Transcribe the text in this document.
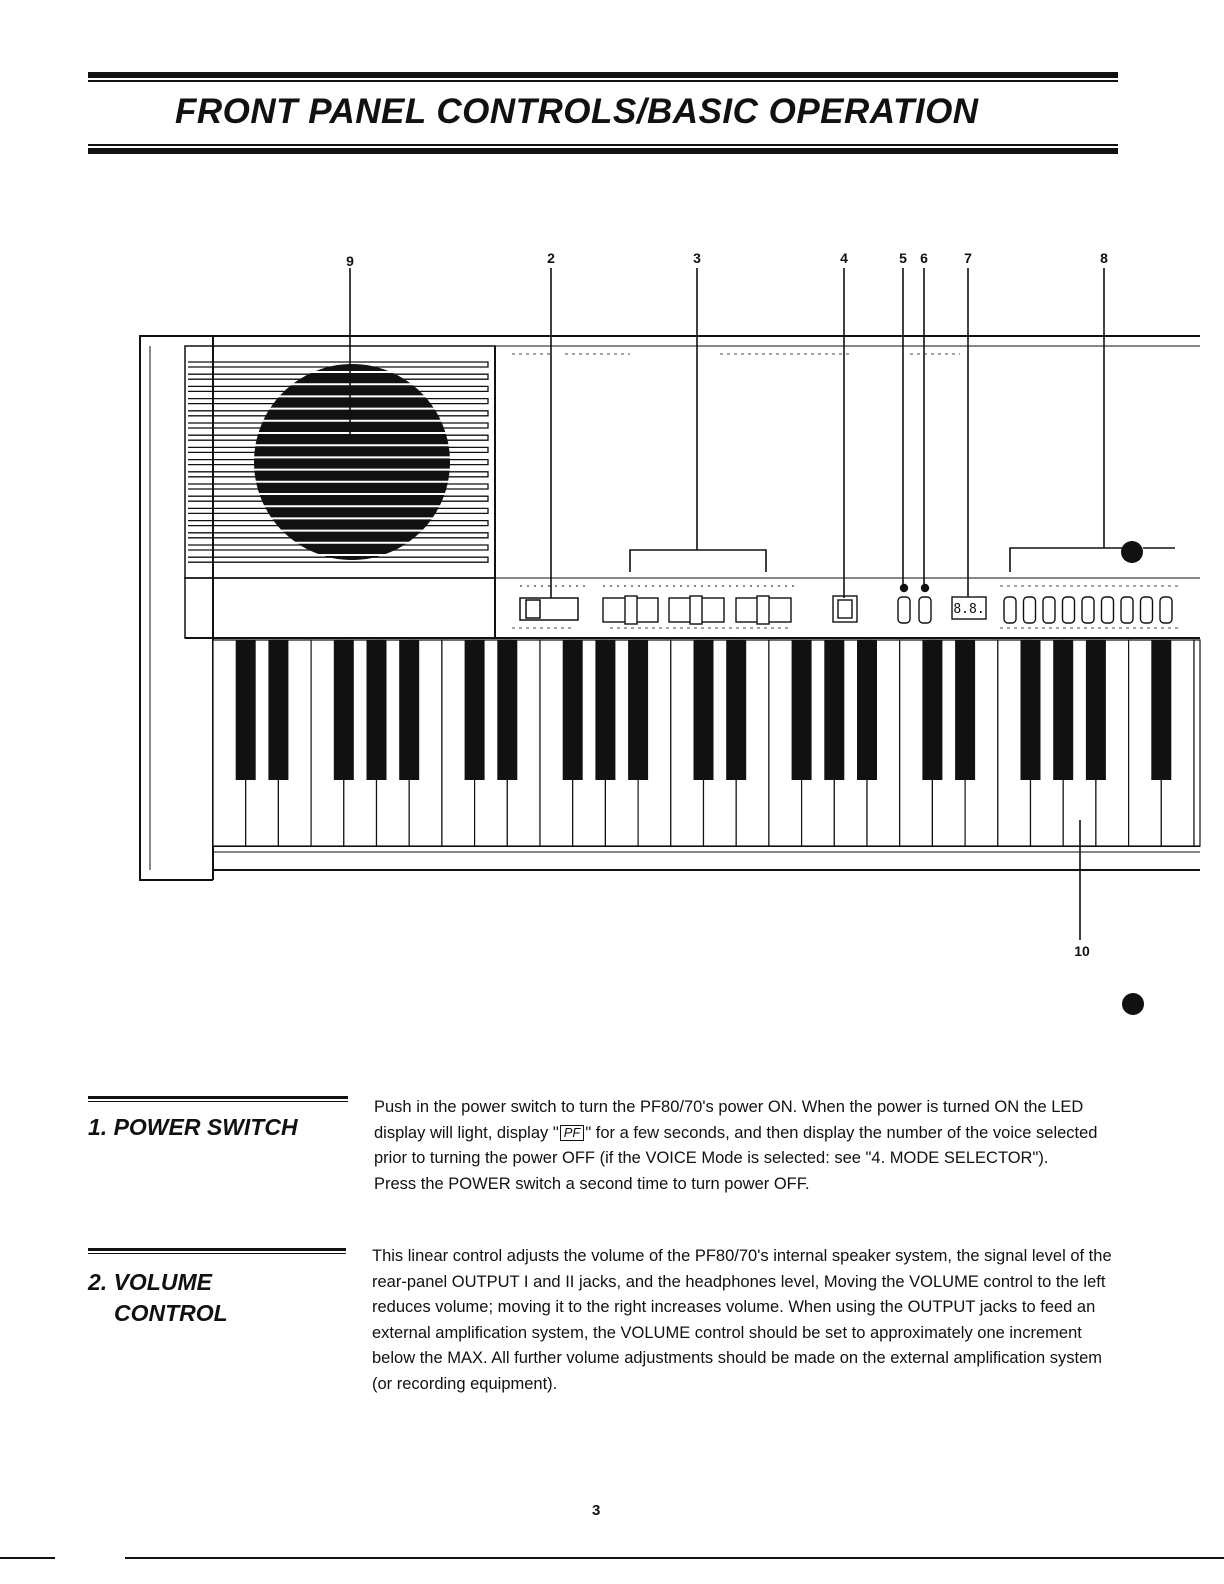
FRONT PANEL CONTROLS/BASIC OPERATION
9	2	3	4	5 6	7	8
10
8.8.
1. POWER SWITCH

Push in the power switch to turn the PF80/70's power ON. When the power is turned ON the LED display will light, display " PF " for a few seconds, and then display the number of the voice selected prior to turning the power OFF (if the VOICE Mode is selected: see "4. MODE SELECTOR").

Press the POWER switch a second time to turn power OFF.

2. VOLUME
CONTROL

This linear control adjusts the volume of the PF80/70's internal speaker system, the signal level of the rear-panel OUTPUT I and II jacks, and the headphones level, Moving the VOLUME control to the left reduces volume; moving it to the right increases volume. When using the OUTPUT jacks to feed an external amplification system, the VOLUME control should be set to approximately one increment below the MAX. All further volume adjustments should be made on the external amplification system (or recording equipment).

3
